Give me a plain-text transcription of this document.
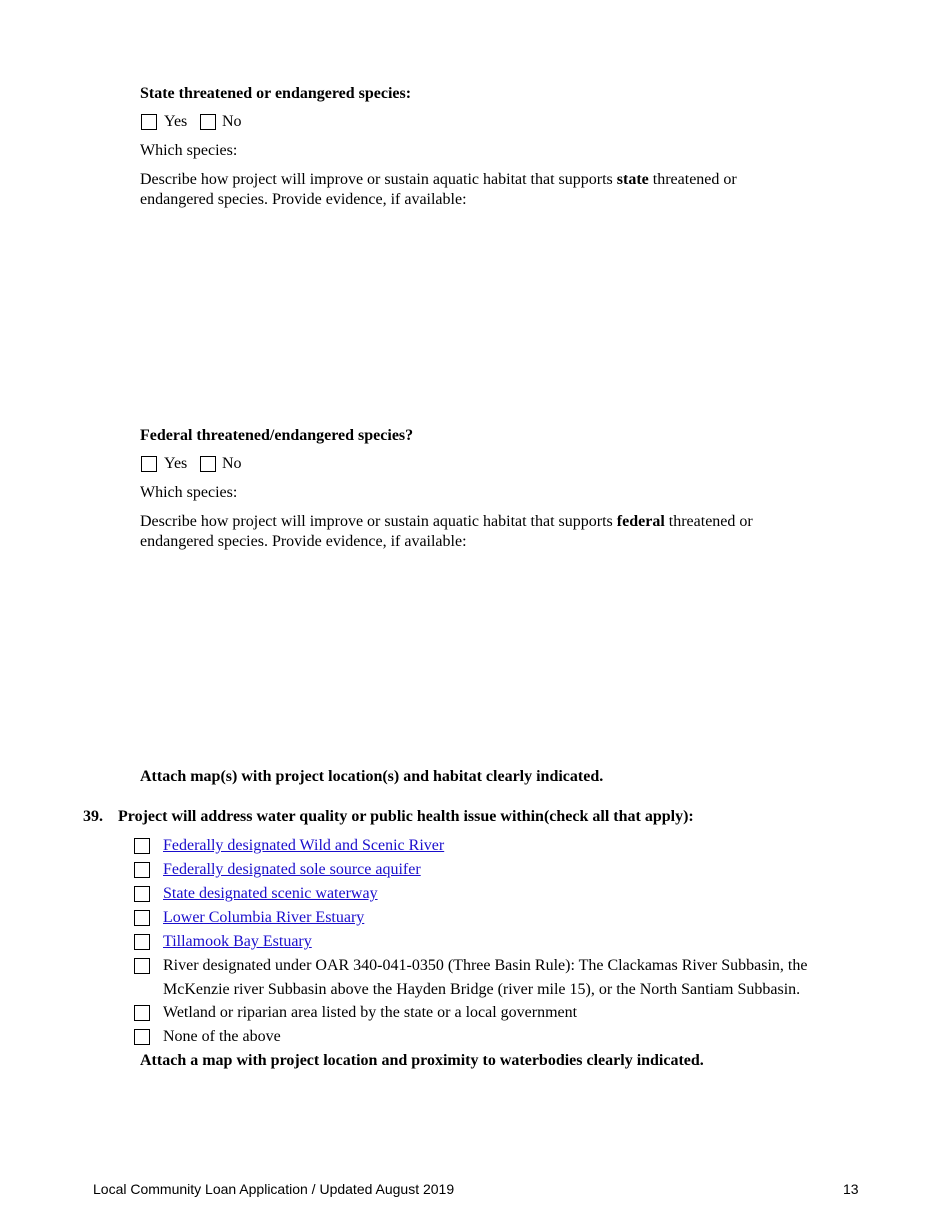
State threatened or endangered species:
Yes No
Which species:
Describe how project will improve or sustain aquatic habitat that supports state threatened or
endangered species. Provide evidence, if available:
Federal threatened/endangered species?
Yes No
Which species:
Describe how project will improve or sustain aquatic habitat that supports federal threatened or
endangered species. Provide evidence, if available:
Attach map(s) with project location(s) and habitat clearly indicated.
39. Project will address water quality or public health issue within(check all that apply):
Federally designated Wild and Scenic River
Federally designated sole source aquifer
State designated scenic waterway
Lower Columbia River Estuary
Tillamook Bay Estuary
River designated under OAR 340-041-0350 (Three Basin Rule): The Clackamas River Subbasin, the
McKenzie river Subbasin above the Hayden Bridge (river mile 15), or the North Santiam Subbasin.
Wetland or riparian area listed by the state or a local government
None of the above
Attach a map with project location and proximity to waterbodies clearly indicated.
Local Community Loan Application / Updated August 2019	13
